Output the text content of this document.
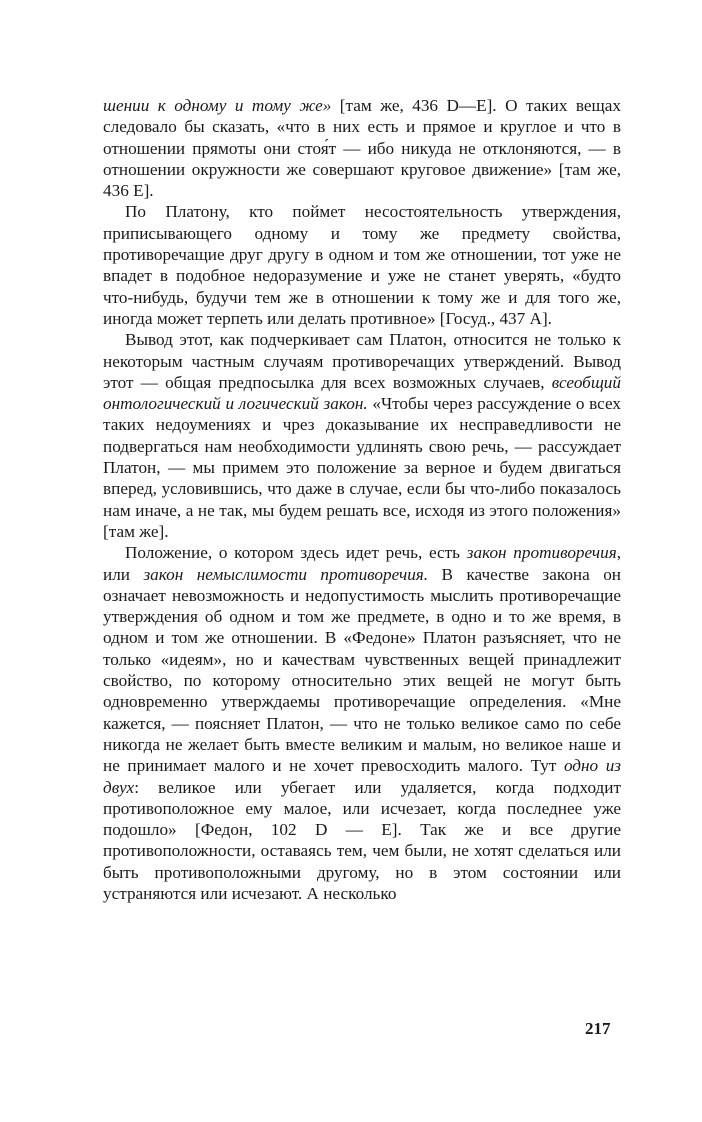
шении к одному и тому же» [там же, 436 D—E]. О таких вещах следовало бы сказать, «что в них есть и прямое и круглое и что в отношении прямоты они стоя́т — ибо никуда не отклоняются, — в отношении окружности же совершают круговое движение» [там же, 436 E].

По Платону, кто поймет несостоятельность утверждения, приписывающего одному и тому же предмету свойства, противоречащие друг другу в одном и том же отношении, тот уже не впадет в подобное недоразумение и уже не станет уверять, «будто что-нибудь, будучи тем же в отношении к тому же и для того же, иногда может терпеть или делать противное» [Госуд., 437 А].

Вывод этот, как подчеркивает сам Платон, относится не только к некоторым частным случаям противоречащих утверждений. Вывод этот — общая предпосылка для всех возможных случаев, всеобщий онтологический и логический закон. «Чтобы через рассуждение о всех таких недоумениях и чрез доказывание их несправедливости не подвергаться нам необходимости удлинять свою речь, — рассуждает Платон, — мы примем это положение за верное и будем двигаться вперед, условившись, что даже в случае, если бы что-либо показалось нам иначе, а не так, мы будем решать все, исходя из этого положения» [там же].

Положение, о котором здесь идет речь, есть закон противоречия, или закон немыслимости противоречия. В качестве закона он означает невозможность и недопустимость мыслить противоречащие утверждения об одном и том же предмете, в одно и то же время, в одном и том же отношении. В «Федоне» Платон разъясняет, что не только «идеям», но и качествам чувственных вещей принадлежит свойство, по которому относительно этих вещей не могут быть одновременно утверждаемы противоречащие определения. «Мне кажется, — поясняет Платон, — что не только великое само по себе никогда не желает быть вместе великим и малым, но великое наше и не принимает малого и не хочет превосходить малого. Тут одно из двух: великое или убегает или удаляется, когда подходит противоположное ему малое, или исчезает, когда последнее уже подошло» [Федон, 102 D — E]. Так же и все другие противоположности, оставаясь тем, чем были, не хотят сделаться или быть противоположными другому, но в этом состоянии или устраняются или исчезают. А несколько

217
